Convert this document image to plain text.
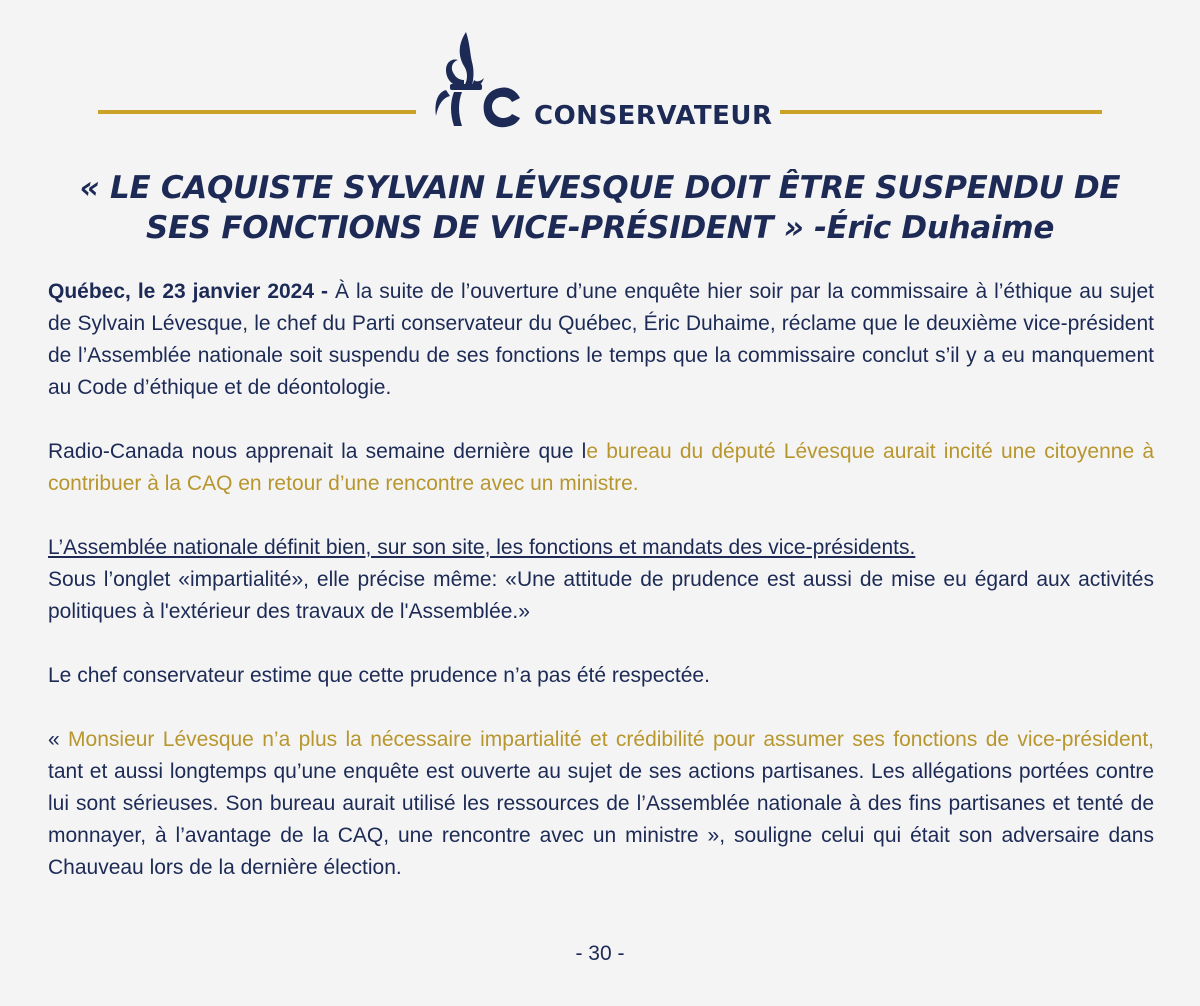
CONSERVATEUR
« LE CAQUISTE SYLVAIN LÉVESQUE DOIT ÊTRE SUSPENDU DE
SES FONCTIONS DE VICE-PRÉSIDENT » -Éric Duhaime

Québec, le 23 janvier 2024 - À la suite de l’ouverture d’une enquête hier soir par la commissaire à l’éthique au sujet de Sylvain Lévesque, le chef du Parti conservateur du Québec, Éric Duhaime, réclame que le deuxième vice-président de l’Assemblée nationale soit suspendu de ses fonctions le temps que la commissaire conclut s’il y a eu manquement au Code d’éthique et de déontologie.

Radio-Canada nous apprenait la semaine dernière que le bureau du député Lévesque aurait incité une citoyenne à contribuer à la CAQ en retour d’une rencontre avec un ministre.

L’Assemblée nationale définit bien, sur son site, les fonctions et mandats des vice-présidents.
Sous l’onglet «impartialité», elle précise même: «Une attitude de prudence est aussi de mise eu égard aux activités politiques à l'extérieur des travaux de l'Assemblée.»

Le chef conservateur estime que cette prudence n’a pas été respectée.

« Monsieur Lévesque n’a plus la nécessaire impartialité et crédibilité pour assumer ses fonctions de vice-président, tant et aussi longtemps qu’une enquête est ouverte au sujet de ses actions partisanes. Les allégations portées contre lui sont sérieuses. Son bureau aurait utilisé les ressources de l’Assemblée nationale à des fins partisanes et tenté de monnayer, à l’avantage de la CAQ, une rencontre avec un ministre », souligne celui qui était son adversaire dans Chauveau lors de la dernière élection.

- 30 -
